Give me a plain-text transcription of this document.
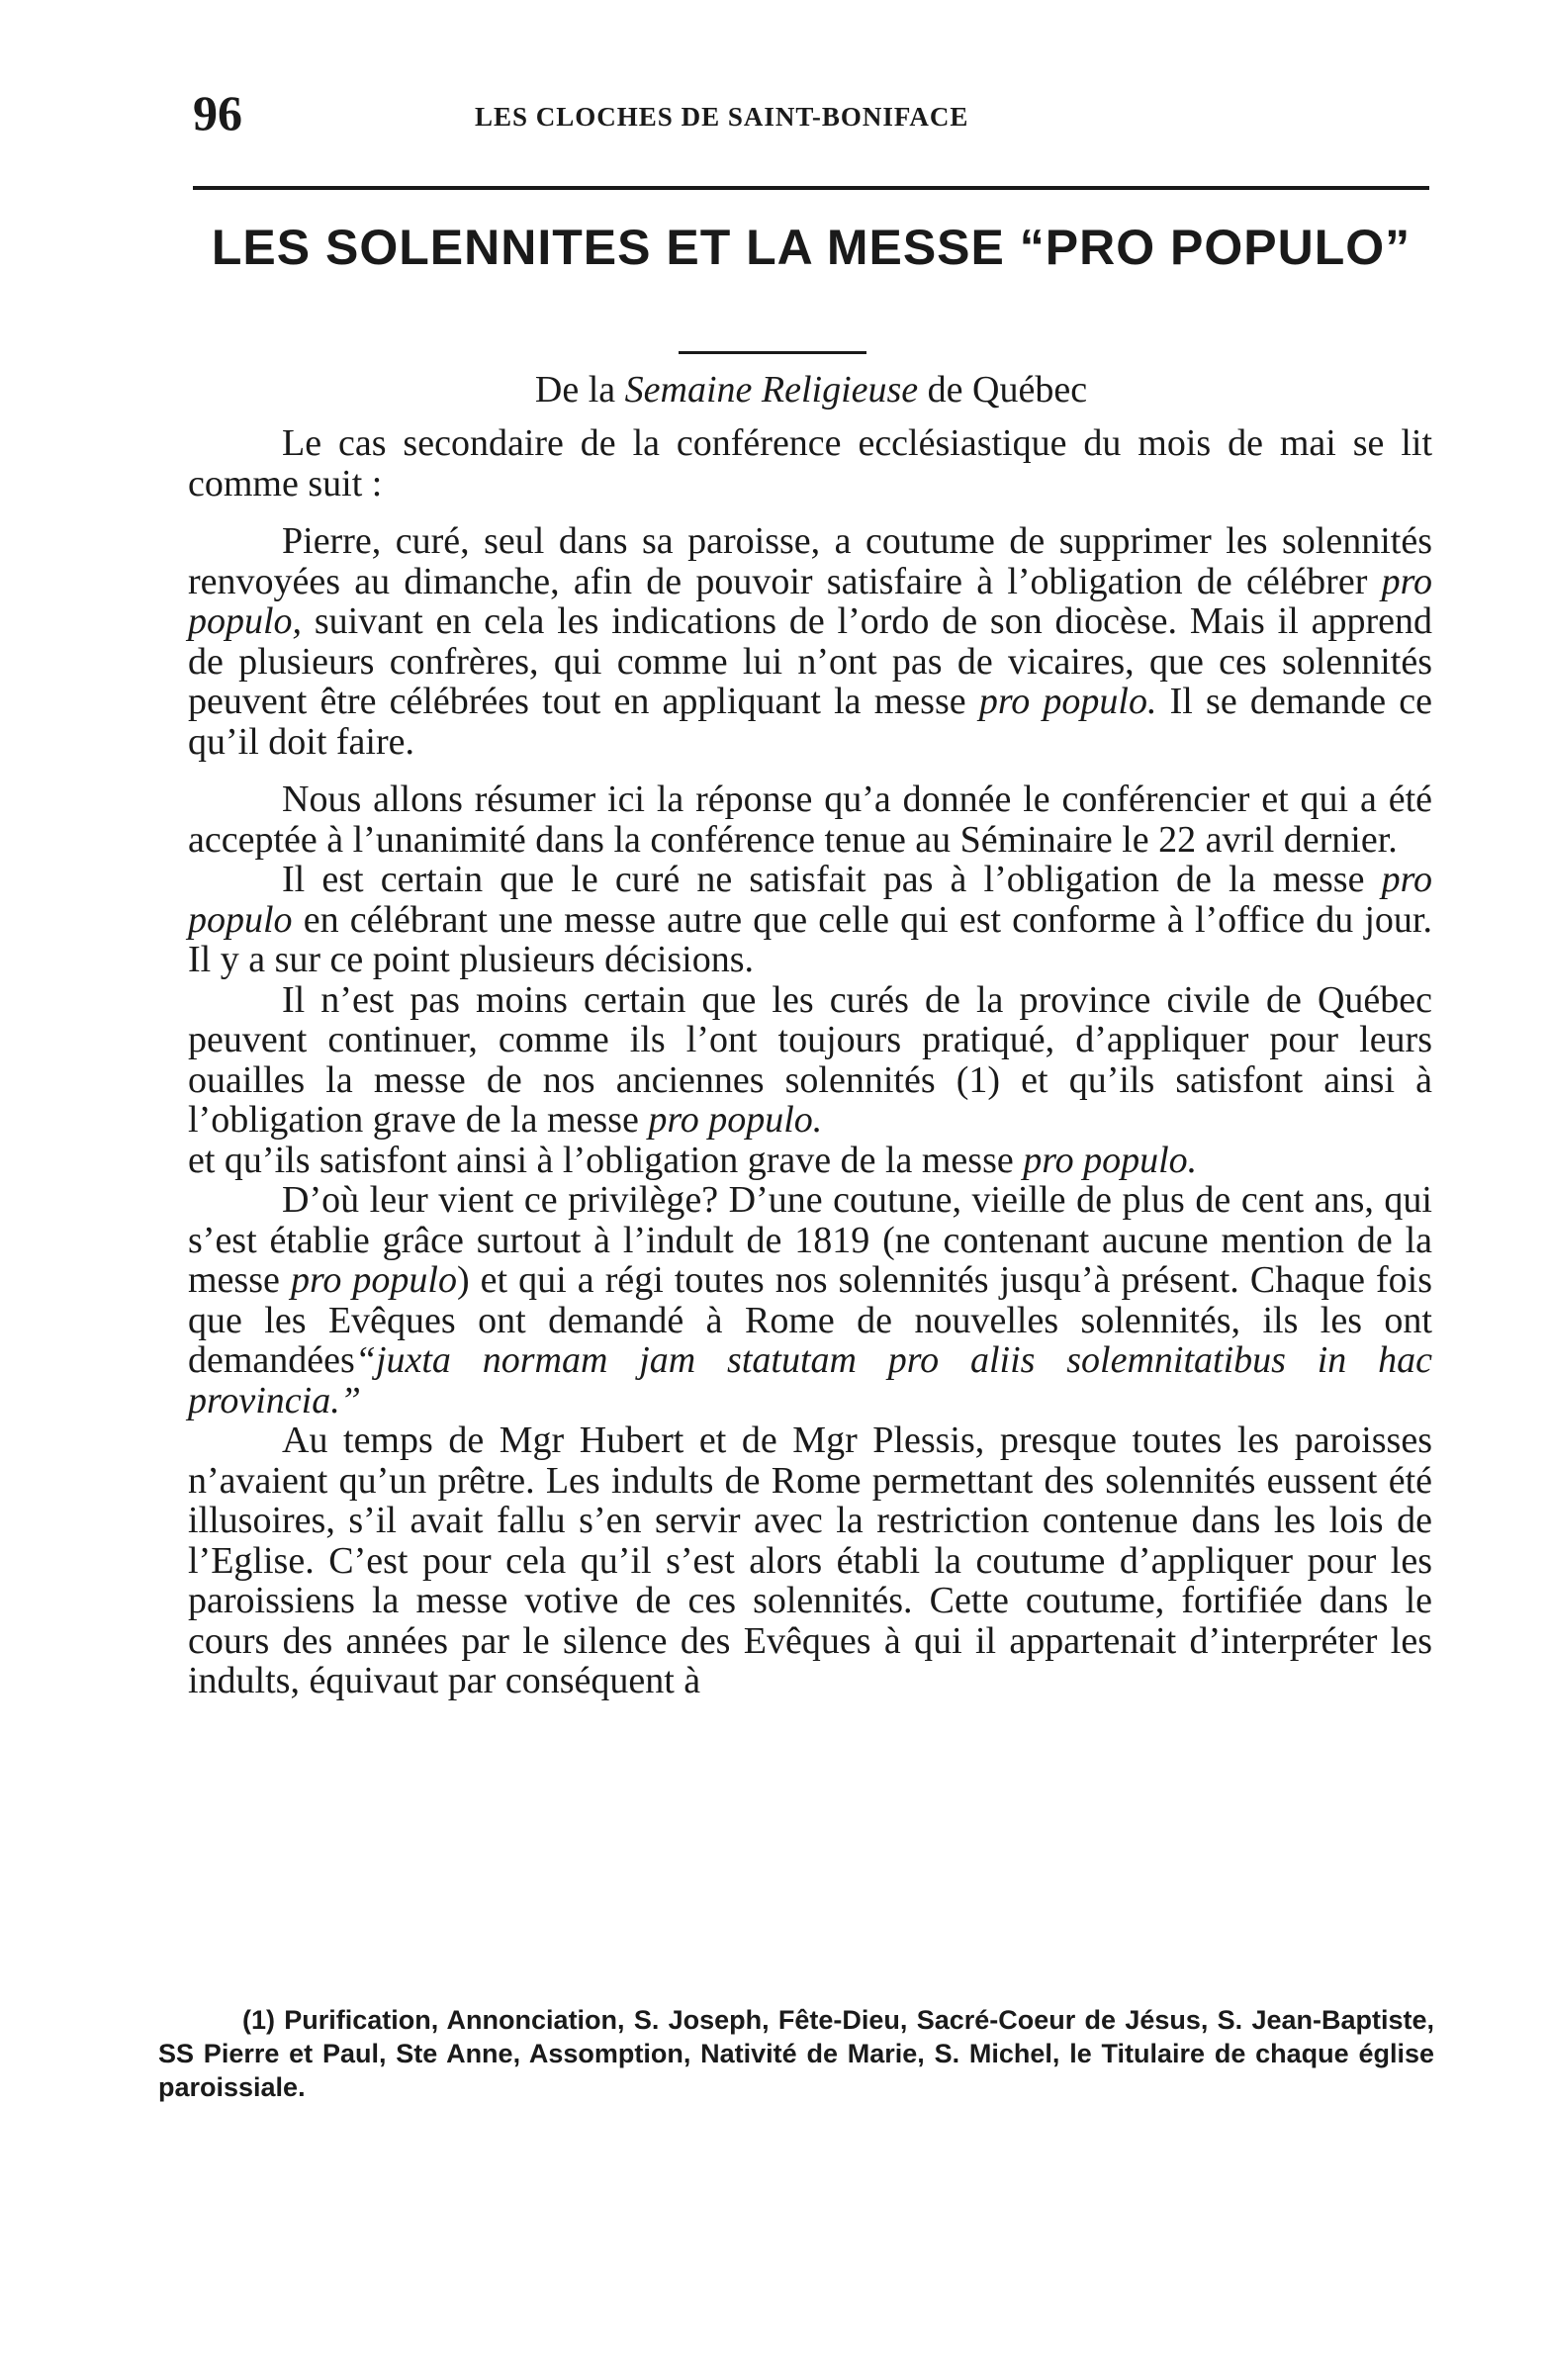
96	LES CLOCHES DE SAINT-BONIFACE
LES SOLENNITES ET LA MESSE “PRO POPULO”
De la Semaine Religieuse de Québec

Le cas secondaire de la conférence ecclésiastique du mois de mai se lit comme suit :

Pierre, curé, seul dans sa paroisse, a coutume de supprimer les solennités renvoyées au dimanche, afin de pouvoir satisfaire à l’obligation de célébrer pro populo, suivant en cela les indications de l’ordo de son diocèse. Mais il apprend de plusieurs confrères, qui comme lui n’ont pas de vicaires, que ces solennités peuvent être célébrées tout en appliquant la messe pro populo. Il se demande ce qu’il doit faire.

Nous allons résumer ici la réponse qu’a donnée le conférencier et qui a été acceptée à l’unanimité dans la conférence tenue au Séminaire le 22 avril dernier.

Il est certain que le curé ne satisfait pas à l’obligation de la messe pro populo en célébrant une messe autre que celle qui est conforme à l’office du jour. Il y a sur ce point plusieurs décisions.

Il n’est pas moins certain que les curés de la province civile de Québec peuvent continuer, comme ils l’ont toujours pratiqué, d’appliquer pour leurs ouailles la messe de nos anciennes solennités (1) et qu’ils satisfont ainsi à l’obligation grave de la messe pro populo.

et qu’ils satisfont ainsi à l’obligation grave de la messe pro populo.

D’où leur vient ce privilège? D’une coutune, vieille de plus de cent ans, qui s’est établie grâce surtout à l’indult de 1819 (ne contenant aucune mention de la messe pro populo) et qui a régi toutes nos solennités jusqu’à présent. Chaque fois que les Evêques ont demandé à Rome de nouvelles solennités, ils les ont demandées“juxta normam jam statutam pro aliis solemnitatibus in hac provincia.”

Au temps de Mgr Hubert et de Mgr Plessis, presque toutes les paroisses n’avaient qu’un prêtre. Les indults de Rome permettant des solennités eussent été illusoires, s’il avait fallu s’en servir avec la restriction contenue dans les lois de l’Eglise. C’est pour cela qu’il s’est alors établi la coutume d’appliquer pour les paroissiens la messe votive de ces solennités. Cette coutume, fortifiée dans le cours des années par le silence des Evêques à qui il appartenait d’interpréter les indults, équivaut par conséquent à

(1) Purification, Annonciation, S. Joseph, Fête-Dieu, Sacré-Coeur de Jésus, S. Jean-Baptiste, SS Pierre et Paul, Ste Anne, Assomption, Nativité de Marie, S. Michel, le Titulaire de chaque église paroissiale.
